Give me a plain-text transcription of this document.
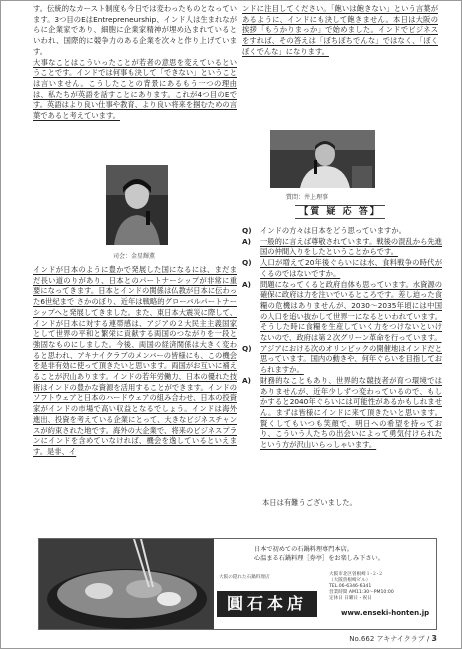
す。伝統的なカースト制度も今日では変わったものとなっています。3つ目のEはEntrepreneurship、インド人は生まれながらに企業家であり、細胞に企業家精神が埋め込まれているといわれ、国際的に競争力のある企業を次々と作り上げています。

大事なことはこういったことが若者の意思を変えているということです。インドでは何事も決して「できない」ということは言いません。こうしたことの背景にあるもう一つの理由は、私たちが英語を話すことにあります。これが4つ目のEです。英語はより良い仕事や教育、より良い将来を掴むための言葉であると考えています。

司会：金星輝薫

インドが日本のように豊かで発展した国になるには、まだまだ長い道のりがあり、日本とのパートナーシップが非常に重要になってきます。日本とインドの関係は仏教が日本に伝わった6世紀まで さかのぼり、近年は戦略的グローバルパートナーシップへと発展してきました。また、東日本大震災に際して、インドが日本に対する連帯感は、アジアの２大民主主義国家として世界の平和と繁栄に貢献する両国のつながりを一段と強固なものにしました。今後、両国の経済関係は大きく変わると思われ、アキナイクラブのメンバーの皆様にも、この機会を是非有効に使って頂きたいと思います。両国がお互いに補えることが沢山あります。インドの若年労働力、日本の優れた技術はインドの豊かな資源を活用することができます。インドのソフトウェアと日本のハードウェアの組み合わせ、日本の投資家がインドの市場で高い収益となるでしょう。インドは海外進出、投資を考えている企業にとって、大きなビジネスチャンスが約束された地です。海外の大企業で、将来のビジネスプランにインドを含めていなければ、機会を逸しているといえます。是非、イ

ンドに注目してください。「飽いは飽きない」という言葉があるように、インドにも決して飽きません。本日は大阪の挨拶「もうかりまっか」で始めました。インドでビジネスをすれば、その答えは「ぼちぼちでんな」ではなく、「ぼくぼくでんな」になります。

質問：井上理事
【質 疑 応 答】
Q)	インドの方々は日本をどう思っていますか。
A)	一般的に言えば尊敬されています。戦後の混乱から先進国の仲間入りをしたということからです。
Q)	人口が増えて20年後ぐらいには水、食料戦争の時代がくるのではないですか。
A)	問題になってくると政府自体も思っています。水資源の確保に政府は力を注いでいるところです。差し迫った食糧の危機はありませんが、2030～2035年頃には中国の人口を追い抜かして世界一になるといわれています。そうした時に食糧を生産していく力をつけないといけないので、政府は第２次グリーン革命を行っています。
Q)	アジアにおける次のオリンピックの開催地はインドだと思っています。国内の動きや、何年ぐらいを目指しておられますか。
A)	財務的なこともあり、世界的な競技者が育つ環境ではありませんが、近年少しずつ変わっているので、もしかすると2040年ぐらいには可能性があるかもしれません。まずは皆様にインドに来て頂きたいと思います。賢くしてもいつも笑顔で、明日への希望を持っており、こういう人たちの出会いによって勇気付けられたという方が沢山いらっしゃいます。
本日は有難うございました。

日本で初めての石鍋料理専門本店。

心温まる石鍋料理［券亭］をお楽しみ下さい。

大阪の隠れた石鍋料理店
圓石本店

大阪市北区曽根崎１-２-２

（大阪曽根崎ビル）

TEL.06-6346-6341

営業時間 AM11:30～PM10:00

定休日 日曜日・祝日

www.enseki-honten.jp
No.662 アキナイクラブ / 3
